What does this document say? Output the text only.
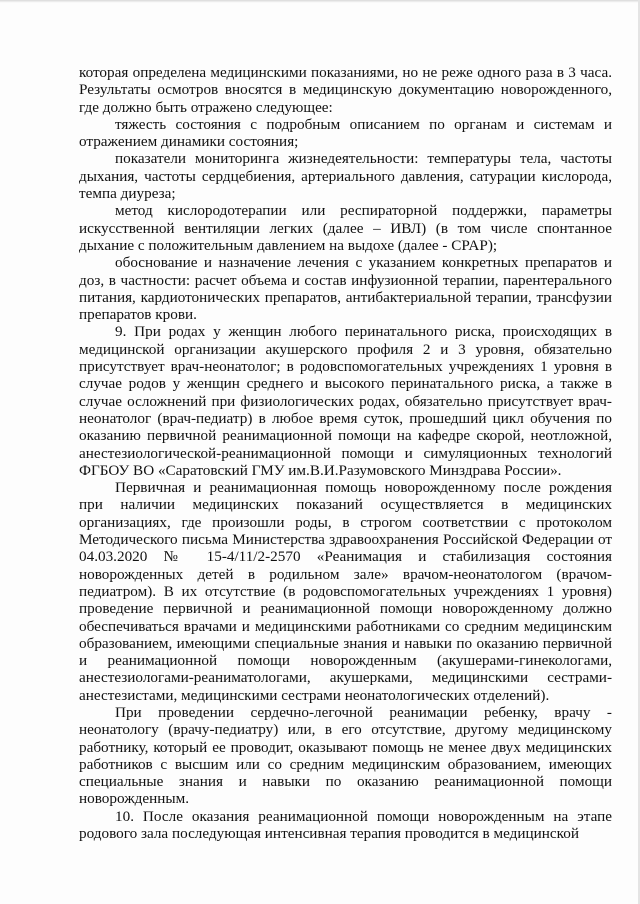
которая определена медицинскими показаниями, но не реже одного раза в 3 часа. Результаты осмотров вносятся в медицинскую документацию новорожденного, где должно быть отражено следующее:

тяжесть состояния с подробным описанием по органам и системам и отражением динамики состояния;

показатели мониторинга жизнедеятельности: температуры тела, частоты дыхания, частоты сердцебиения, артериального давления, сатурации кислорода, темпа диуреза;

метод кислородотерапии или респираторной поддержки, параметры искусственной вентиляции легких (далее – ИВЛ) (в том числе спонтанное дыхание с положительным давлением на выдохе (далее - CPAP);

обоснование и назначение лечения с указанием конкретных препаратов и доз, в частности: расчет объема и состав инфузионной терапии, парентерального питания, кардиотонических препаратов, антибактериальной терапии, трансфузии препаратов крови.

9. При родах у женщин любого перинатального риска, происходящих в медицинской организации акушерского профиля 2 и 3 уровня, обязательно присутствует врач-неонатолог; в родовспомогательных учреждениях 1 уровня в случае родов у женщин среднего и высокого перинатального риска, а также в случае осложнений при физиологических родах, обязательно присутствует врач-неонатолог (врач-педиатр) в любое время суток, прошедший цикл обучения по оказанию первичной реанимационной помощи на кафедре скорой, неотложной, анестезиологической-реанимационной помощи и симуляционных технологий ФГБОУ ВО «Саратовский ГМУ им.В.И.Разумовского Минздрава России».

Первичная и реанимационная помощь новорожденному после рождения при наличии медицинских показаний осуществляется в медицинских организациях, где произошли роды, в строгом соответствии с протоколом Методического письма Министерства здравоохранения Российской Федерации от 04.03.2020 № 15-4/11/2-2570 «Реанимация и стабилизация состояния новорожденных детей в родильном зале» врачом-неонатологом (врачом-педиатром). В их отсутствие (в родовспомогательных учреждениях 1 уровня) проведение первичной и реанимационной помощи новорожденному должно обеспечиваться врачами и медицинскими работниками со средним медицинским образованием, имеющими специальные знания и навыки по оказанию первичной и реанимационной помощи новорожденным (акушерами-гинекологами, анестезиологами-реаниматологами, акушерками, медицинскими сестрами-анестезистами, медицинскими сестрами неонатологических отделений).

При проведении сердечно-легочной реанимации ребенку, врачу - неонатологу (врачу-педиатру) или, в его отсутствие, другому медицинскому работнику, который ее проводит, оказывают помощь не менее двух медицинских работников с высшим или со средним медицинским образованием, имеющих специальные знания и навыки по оказанию реанимационной помощи новорожденным.

10. После оказания реанимационной помощи новорожденным на этапе родового зала последующая интенсивная терапия проводится в медицинской
